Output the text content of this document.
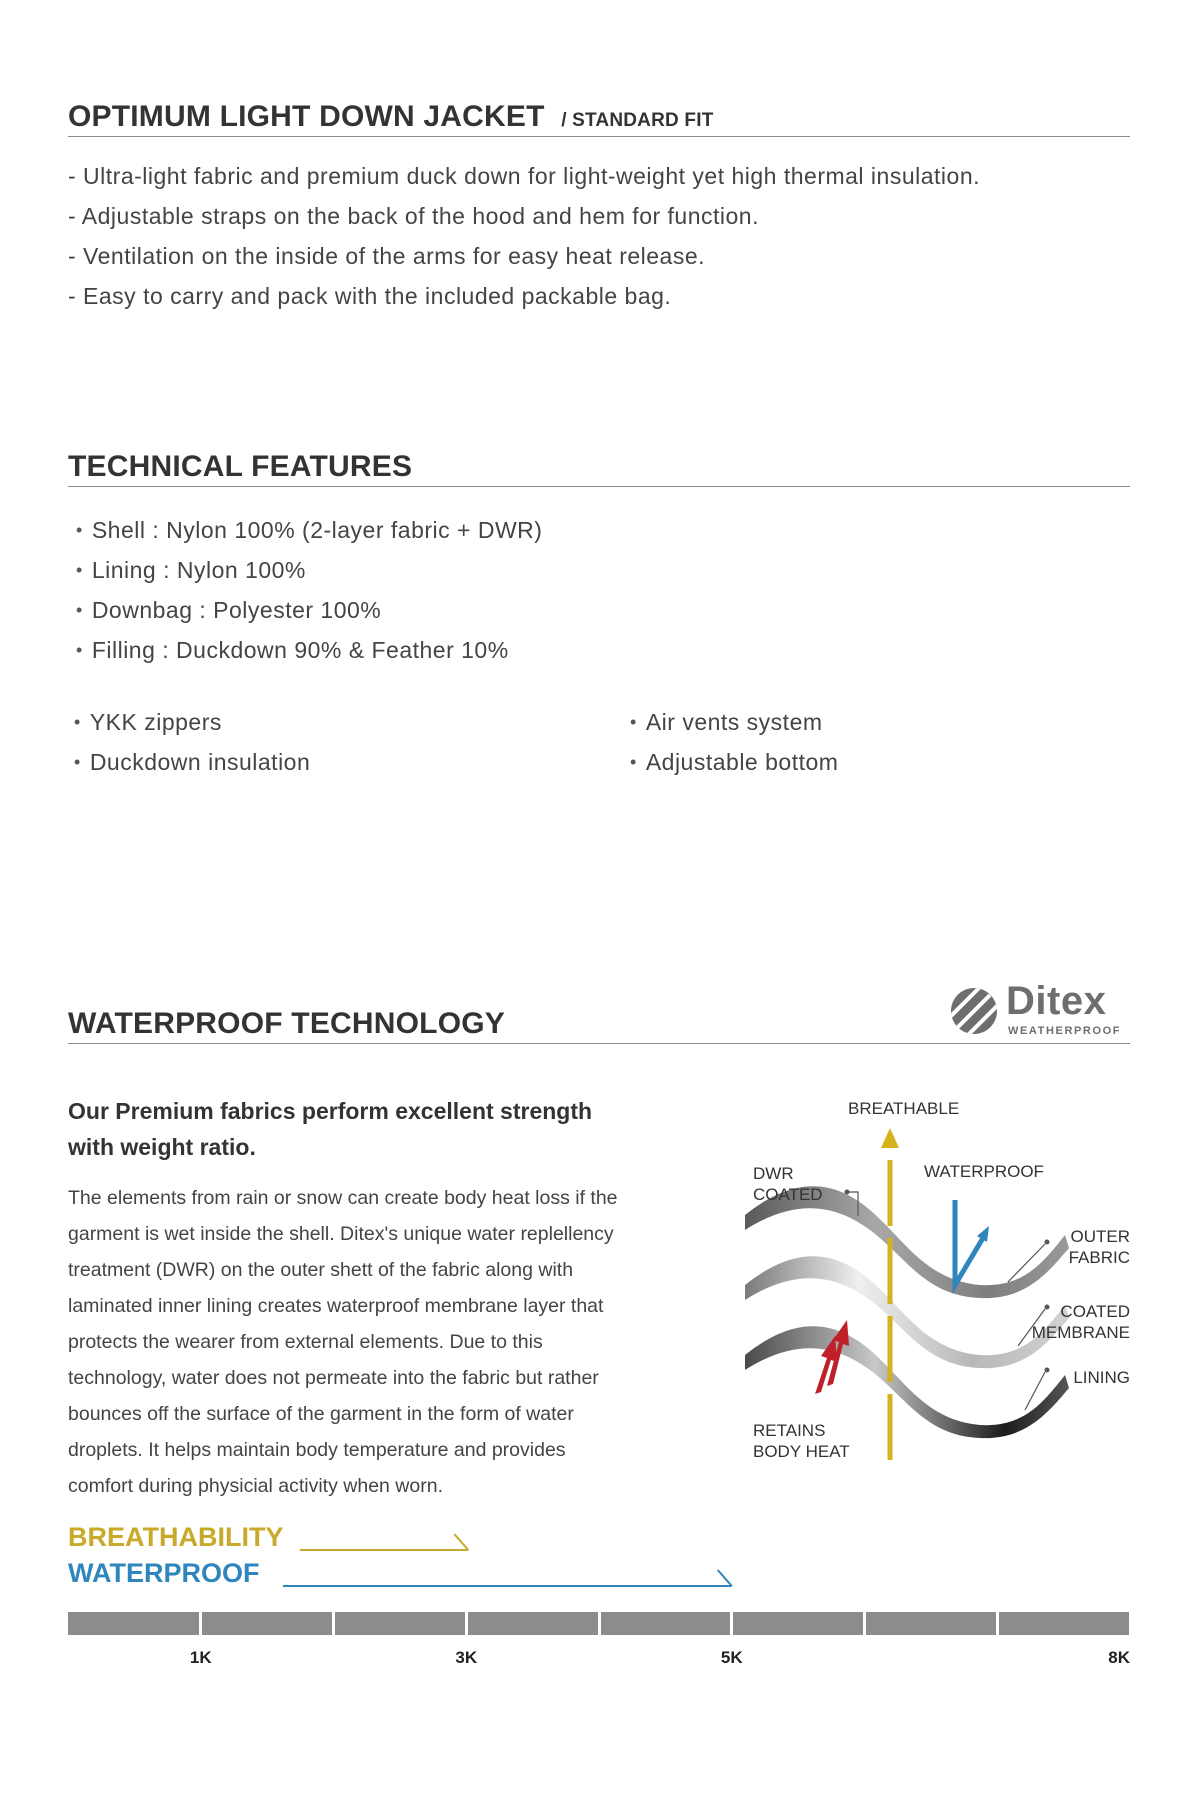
OPTIMUM LIGHT DOWN JACKET / STANDARD FIT
- Ultra-light fabric and premium duck down for light-weight yet high thermal insulation.
- Adjustable straps on the back of the hood and hem for function.
- Ventilation on the inside of the arms for easy heat release.
- Easy to carry and pack with the included packable bag.
TECHNICAL FEATURES
• Shell : Nylon 100% (2-layer fabric + DWR)
• Lining : Nylon 100%
• Downbag : Polyester 100%
• Filling : Duckdown 90% & Feather 10%
• YKK zippers
• Duckdown insulation
• Air vents system
• Adjustable bottom
WATERPROOF TECHNOLOGY
Ditex
WEATHERPROOF
Our Premium fabrics perform excellent strength
with weight ratio.
The elements from rain or snow can create body heat loss if the
garment is wet inside the shell. Ditex's unique water replellency
treatment (DWR) on the outer shett of the fabric along with
laminated inner lining creates waterproof membrane layer that
protects the wearer from external elements. Due to this
technology, water does not permeate into the fabric but rather
bounces off the surface of the garment in the form of water
droplets. It helps maintain body temperature and provides
comfort during physicial activity when worn.
BREATHABLE
DWR
COATED
WATERPROOF
OUTER
FABRIC
COATED
MEMBRANE
LINING
RETAINS
BODY HEAT
BREATHABILITY
WATERPROOF
1K	3K	5K	8K
